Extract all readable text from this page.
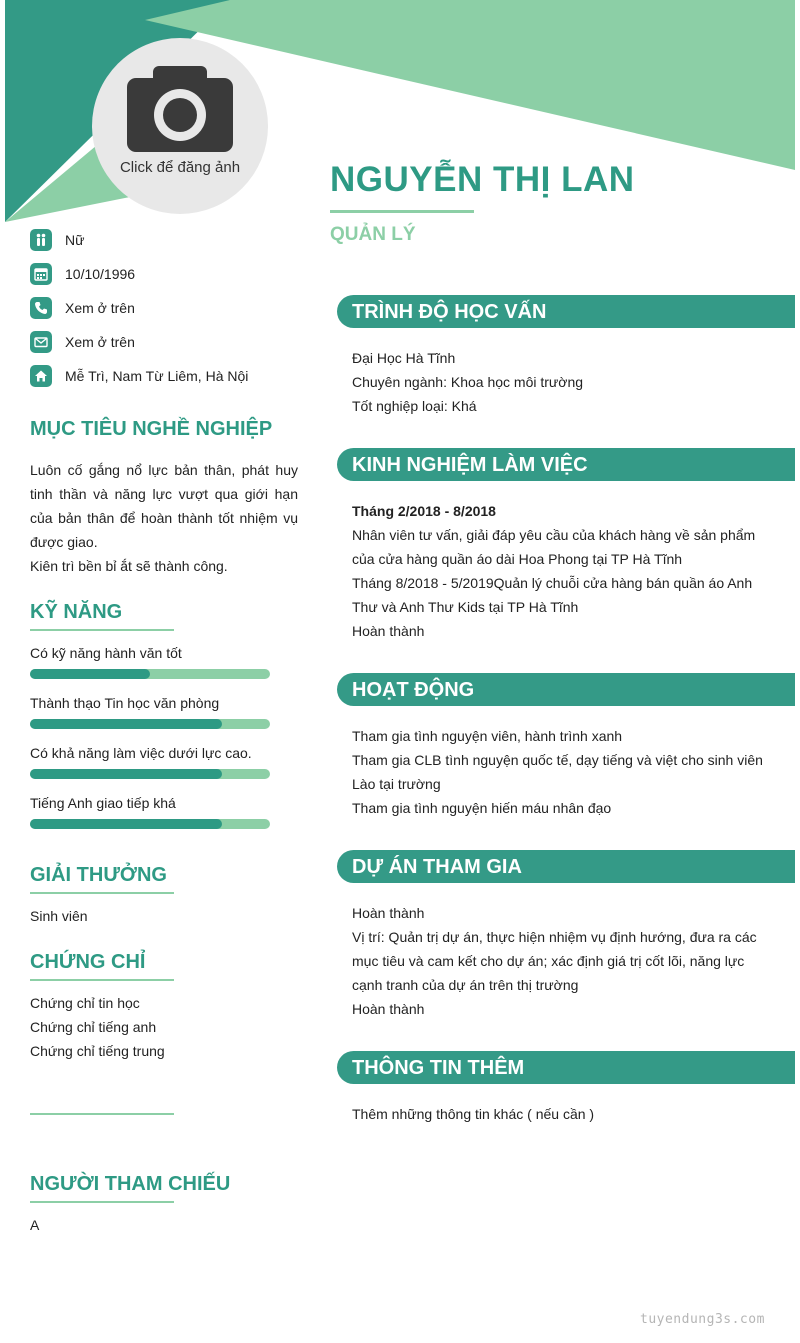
Click để đăng ảnh	NGUYỄN THỊ LAN
QUẢN LÝ
Nữ
10/10/1996
Xem ở trên
Xem ở trên
Mễ Trì, Nam Từ Liêm, Hà Nội
MỤC TIÊU NGHỀ NGHIỆP
Luôn cố gắng nổ lực bản thân, phát huy tinh thần và năng lực vượt qua giới hạn của bản thân để hoàn thành tốt nhiệm vụ được giao.
Kiên trì bền bỉ ắt sẽ thành công.
KỸ NĂNG
Có kỹ năng hành văn tốt
Thành thạo Tin học văn phòng
Có khả năng làm việc dưới lực cao.
Tiếng Anh giao tiếp khá
GIẢI THƯỞNG
Sinh viên
CHỨNG CHỈ
Chứng chỉ tin học
Chứng chỉ tiếng anh
Chứng chỉ tiếng trung
NGƯỜI THAM CHIẾU
A
TRÌNH ĐỘ HỌC VẤN
Đại Học Hà Tĩnh
Chuyên ngành: Khoa học môi trường
Tốt nghiệp loại: Khá
KINH NGHIỆM LÀM VIỆC
Tháng 2/2018 - 8/2018
Nhân viên tư vấn, giải đáp yêu cầu của khách hàng về sản phẩm của cửa hàng quần áo dài Hoa Phong tại TP Hà Tĩnh
Tháng 8/2018 - 5/2019Quản lý chuỗi cửa hàng bán quần áo Anh Thư và Anh Thư Kids tại TP Hà Tĩnh
Hoàn thành
HOẠT ĐỘNG
Tham gia tình nguyện viên, hành trình xanh
Tham gia CLB tình nguyện quốc tế, dạy tiếng và việt cho sinh viên Lào tại trường
Tham gia tình nguyện hiến máu nhân đạo
DỰ ÁN THAM GIA
Hoàn thành
Vị trí: Quản trị dự án, thực hiện nhiệm vụ định hướng, đưa ra các mục tiêu và cam kết cho dự án; xác định giá trị cốt lõi, năng lực cạnh tranh của dự án trên thị trường
Hoàn thành
THÔNG TIN THÊM
Thêm những thông tin khác ( nếu cần )
tuyendung3s.com
